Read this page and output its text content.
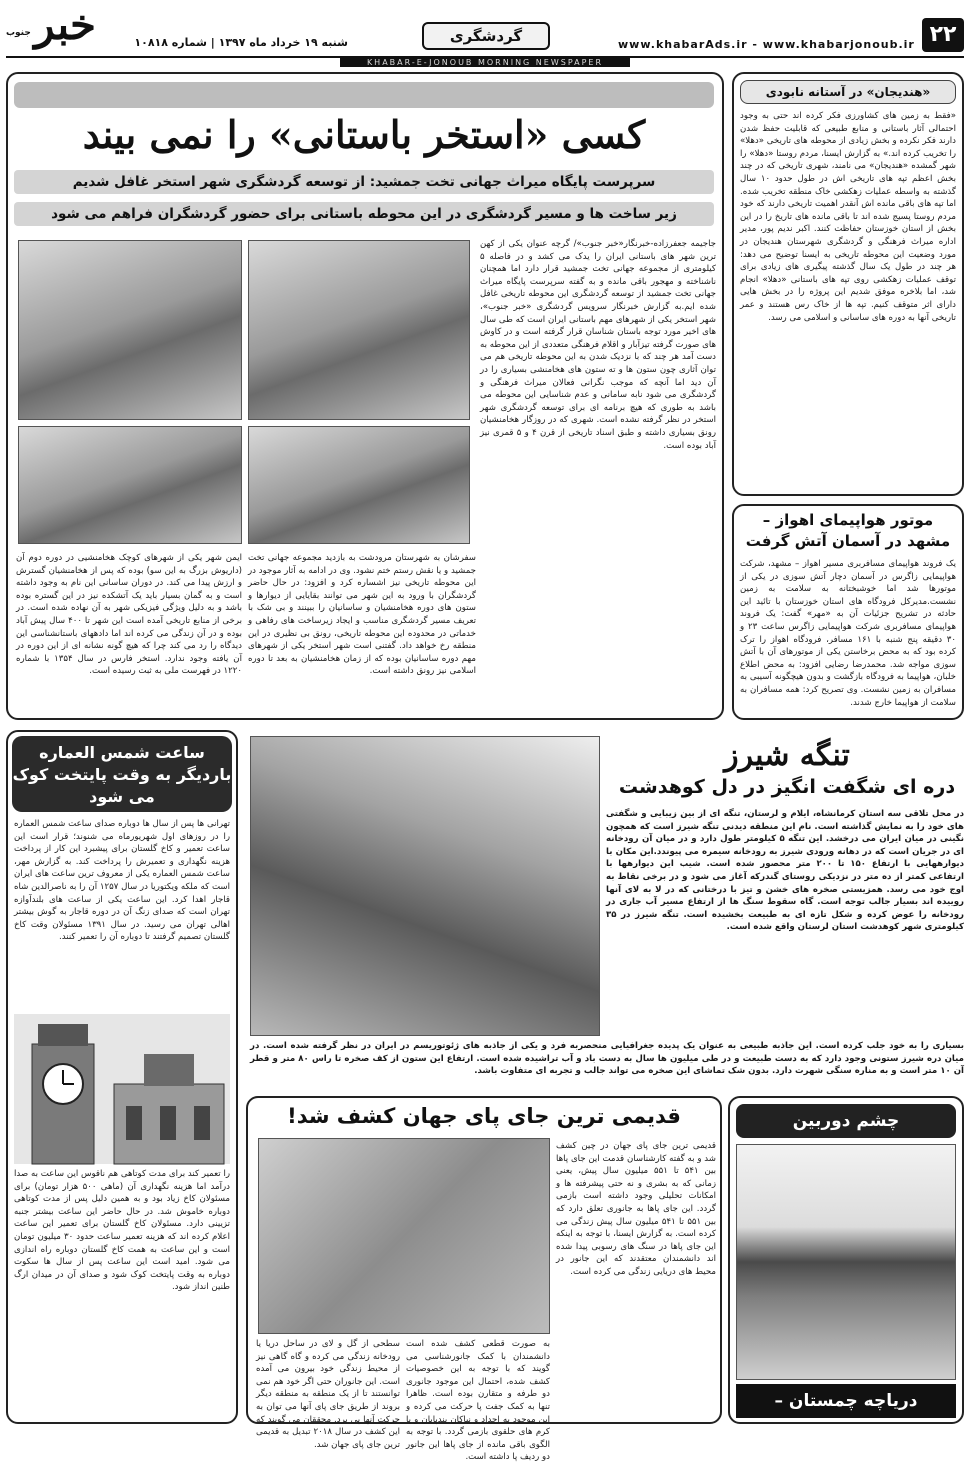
خبر
جنوب
شنبه ۱۹ خرداد ماه ۱۳۹۷ | شماره ۱۰۸۱۸	گردشگری	www.khabarAds.ir - www.khabarjonoub.ir ۲۲
KHABAR-E-JONOUB MORNING NEWSPAPER
کسی «استخر باستانی» را نمی بیند
سرپرست پایگاه میراث جهانی تخت جمشید: از توسعه گردشگری شهر استخر غافل شدیم
زیر ساخت ها و مسیر گردشگری در این محوطه باستانی برای حضور گردشگران فراهم می شود
جاجیمه جعفرزاده-خبرنگار«خبر جنوب»/ گرچه عنوان یکی از کهن ترین شهر های باستانی ایران را یدک می کشد و در فاصله ۵ کیلومتری از مجموعه جهانی تخت جمشید قرار دارد اما همچنان ناشناخته و مهجور باقی مانده و به گفته سرپرست پایگاه میراث جهانی تخت جمشید از توسعه گردشگری این محوطه تاریخی غافل شده ایم.به گزارش خبرنگار سرویس گردشگری «خبر جنوب»، شهر استخر یکی از شهرهای مهم باستانی ایران است که طی سال های اخیر مورد توجه باستان شناسان قرار گرفته است و در کاوش های صورت گرفته تیزآبار و اقلام فرهنگی متعددی از این محوطه به دست آمد هر چند که با نزدیک شدن به این محوطه تاریخی هم می توان آثاری چون ستون ها و ته ستون های هخامنشی بسیاری را در آن دید اما آنچه که موجب نگرانی فعالان میراث فرهنگی و گردشگری می شود نابه سامانی و عدم شناسایی این محوطه می باشد به طوری که هیچ برنامه ای برای توسعه گردشگری شهر استخر در نظر گرفته نشده است. شهری که در روزگار هخامنشیان رونق بسیاری داشته و طبق اسناد تاریخی از قرن ۴ و ۵ قمری نیز آباد بوده است.
سفرشان به شهرستان مرودشت به بازدید مجموعه جهانی تخت جمشید و یا نقش رستم ختم نشود. وی در ادامه به آثار موجود در این محوطه تاریخی نیز اشساره کرد و افزود: در حال حاضر گردشگران با ورود به این شهر می توانند بقایایی از دیوارها و ستون های دوره هخامنشیان و ساسانیان را ببینند و بی شک با تعریف مسیر گردشگری مناسب و ایجاد زیرساخت های رفاهی و خدماتی در محدوده این محوطه تاریخی، رونق بی نظیری در این منطقه رخ خواهد داد. گفتنی است شهر استخر یکی از شهرهای مهم دوره ساسانیان بوده که از زمان هخامنشیان به بعد تا دوره اسلامی نیز رونق داشته است.
ایمن شهر یکی از شهرهای کوچک هخامنشیی در دوره دوم آن (داریوش بزرگ به این سو) بوده که پس از هخامنشیان گسترش و ارزش پیدا می کند. در دوران ساسانی این نام به وجود داشته است و به گمان بسیار باید یک آتشکده نیز در این گستره بوده باشد و به دلیل ویژگی فیزیکی شهر به آن نهاده شده است. در برخی از منابع تاریخی آمده است این شهر تا ۴۰۰ سال پیش آباد بوده و در آن زندگی می کرده اند اما دادههای باستانشناسی این دیدگاه را رد می کند چرا که هیچ گونه نشانه ای از این دوره در آن یافته وجود ندارد. استخر فارس در سال ۱۳۵۴ با شماره ۱۲۲۰ در فهرست ملی به ثبت رسیده است.
«هندیجان» در آستانه نابودی
«فقط به زمین های کشاورزی فکر کرده اند حتی به وجود احتمالی آثار باستانی و منابع طبیعی که قابلیت حفظ شدن دارند فکر نکرده و بخش زیادی از محوطه های تاریخی «دهلا» را تخریب کرده اند.» به گزارش ایسنا، مردم روستا «دهلا» را شهر گمشده «هندیجان» می نامند، شهری تاریخی که در چند بخش اعظم تپه های تاریخی اش در طول حدود ۱۰ سال گذشته به واسطه عملیات زهکشی خاک منطقه تخریب شده. اما تپه های باقی مانده اش آنقدر اهمیت تاریخی دارند که خود مردم روستا پسیج شده اند تا باقی مانده های تاریخ را در این بخش از استان خوزستان حفاظت کنند. اکبر ندیم پور، مدیر اداره میراث فرهنگی و گردشگری شهرستان هندیجان در مورد وضعیت این محوطه تاریخی به ایسنا توضیح می دهد: هر چند در طول یک سال گذشته پیگیری های زیادی برای توقف عملیات زهکشی روی تپه های باستانی «دهلا» انجام شد، اما بلاخره موفق شدیم این پروژه را در بخش هایی دارای اثر متوقف کنیم. تپه ها از خاک رس هستند و عمر تاریخی آنها به دوره های ساسانی و اسلامی می رسد.
موتور هواپیمای اهواز – مشهد در آسمان آتش گرفت
یک فروند هواپیمای مسافربری مسیر اهواز – مشهد، شرکت هواپیمایی زاگرس در آسمان دچار آتش سوزی در یکی از موتورها شد اما خوشبختانه به سلامت به زمین نشست.مدیرکل فرودگاه های استان خوزستان با تائید این حادثه در تشریح جزئیات آن به «مهر» گفت: یک فروند هواپیمای مسافربری شرکت هواپیمایی زاگرس ساعت ۲۳ و ۳۰ دقیقه پنج شنبه با ۱۶۱ مسافر، فرودگاه اهواز را ترک کرده بود که به محض برخاستن یکی از موتورهای آن با آتش سوزی مواجه شد. محمدرضا رضایی افزود: به محض اطلاع خلبان، هواپیما به فرودگاه بازگشت و بدون هیچگونه آسیبی به مسافران به زمین نشست. وی تصریح کرد: همه مسافران به سلامت از هواپیما خارج شدند.
ساعت شمس العماره باردیگر به وقت پایتخت کوک می شود
تهرانی ها پس از سال ها دوباره صدای ساعت شمس العماره را در روزهای اول شهریورماه می شنوند؛ قرار است این ساعت تعمیر و کاخ گلستان برای پیشبرد این کار از پرداخت هزینه نگهداری و تعمیرش را پرداخت کند. به گزارش مهر، ساعت شمس العماره یکی از معروف ترین ساعت های ایران است که ملکه ویکتوریا در سال ۱۲۵۷ آن را به ناصرالدین شاه قاجار اهدا کرد. این ساعت یکی از ساعت های بلندآوازه تهران است که صدای زنگ آن در دوره قاجار به گوش بیشتر اهالی تهران می رسید. در سال ۱۳۹۱ مسئولان وقت کاخ گلستان تصمیم گرفتند تا دوباره آن را تعمیر کنند.
را تعمیر کند برای مدت کوتاهی هم ناقوس این ساعت به صدا درآمد اما هزینه نگهداری آن (ماهی ۵۰۰ هزار تومان) برای مسئولان کاخ زیاد بود و به همین دلیل پس از مدت کوتاهی دوباره خاموش شد. در حال حاضر این ساعت بیشتر جنبه تزیینی دارد. مسئولان کاخ گلستان برای تعمیر این ساعت اعلام کرده اند که هزینه تعمیر ساعت حدود ۳۰ میلیون تومان است و این ساعت به همت کاخ گلستان دوباره راه اندازی می شود. امید است این ساعت پس از سال ها سکوت دوباره به وقت پایتخت کوک شود و صدای آن در میدان ارگ طنین انداز شود.
تنگه شیرز
دره ای شگفت انگیز در دل کوهدشت
در محل تلاقی سه استان کرمانشاه، ایلام و لرستان، تنگه ای از بین زیبایی و شگفتی های خود را به نمایش گذاشته است. نام این منطقه دیدنی تنگه شیرز است که همچون نگینی در میان ایران می درخشد. این تنگه ۵ کیلومتر طول دارد و در میان آن رودخانه ای در جریان است که در دهانه ورودی شیرز به رودخانه سیمره می پیوندد.این مکان با دیوارههایی با ارتفاع ۱۵۰ تا ۲۰۰ متر محصور شده است. شیب این دیوارهها با ارتفاعی کمتر از ده متر در نزدیکی روستای گندرکه آغاز می شود و در برخی نقاط به اوج خود می رسد. همزیستی صخره های خشن و تیز با درختانی که در لا به لای آنها روییده اند بسیار جالب توجه است. گاه سقوط سنگ ها از ارتفاع مسیر آب جاری در رودخانه را عوض کرده و شکل تازه ای به طبیعت بخشیده است. تنگه شیرز در ۳۵ کیلومتری شهر کوهدشت استان لرستان واقع شده است.
بسیاری را به خود جلب کرده است. این جاذبه طبیعی به عنوان یک پدیده جغرافیایی منحصربه فرد و یکی از جاذبه های ژئوتوریسم در ایران در نظر گرفته شده است. در میان دره شیرز ستونی وجود دارد که به دست طبیعت و در طی میلیون ها سال به دست باد و آب تراشیده شده است. ارتفاع این ستون از کف صخره تا راس ۸۰ متر و قطر آن ۱۰ متر است و به مناره سنگی شهرت دارد. بدون شک تماشای این صخره می تواند جالب و تجربه ای متفاوت باشد.
قدیمی ترین جای پای جهان کشف شد!
قدیمی ترین جای پای جهان در چین کشف شد و به گفته کارشناسان قدمت این جای پاها بین ۵۴۱ تا ۵۵۱ میلیون سال پیش، یعنی زمانی که به بشری و نه حتی پیشرفته ها و امکانات تحلیلی وجود داشته است بازمی گردد. این جای پاها به جانوری تعلق دارد که بین ۵۵۱ تا ۵۴۱ میلیون سال پیش زندگی می کرده است. به گزارش ایسنا، با توجه به اینکه این جای پاها در سنگ های رسوبی پیدا شده اند دانشمندان معتقدند که این جانور در محیط های دریایی زندگی می کرده است.
به صورت قطعی کشف شده است دانشمندان با کمک جانورشناسی می گویند که با توجه به این خصوصیات کشف شده، احتمال این موجود جانوری دو طرفه و متقارن بوده است. ظاهرا تنها به کمک جفت پا حرکت می کرده و این موجود به اجداد و نیاکان بندپایان و یا کرم های حلقوی بازمی گردد. با توجه به الگوی باقی مانده از جای پاها این جانور دو ردیف پا داشته است.
سطحی از گل و لای در ساحل دریا یا رودخانه زندگی می کرده و گاه گاهی نیز از محیط زندگی خود بیرون می آمده است. این جانوران حتی اگر خود هم نمی توانستند تا از یک منطقه به منطقه دیگر بروند از طریق جای پای آنها می توان به حرکت آنها پی برد. محققان می گویند که این کشف در سال ۲۰۱۸ تبدیل به قدیمی ترین جای پای جهان شد.
چشم دوربین
دریاچه چمستان – مازندران
